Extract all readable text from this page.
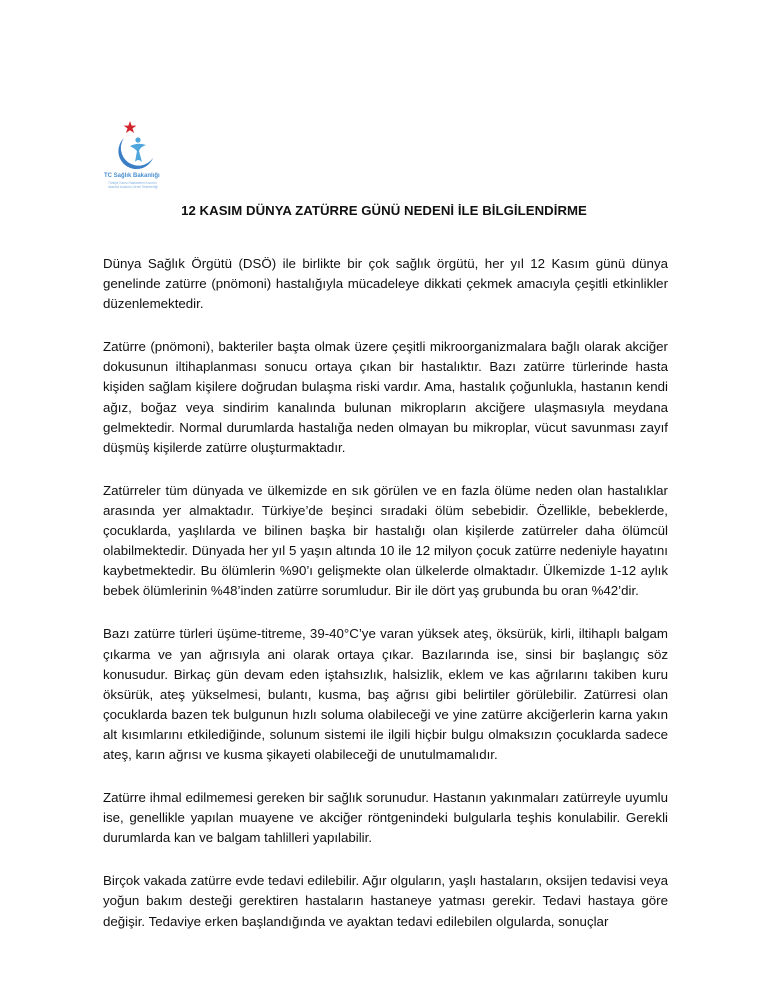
TC Sağlık Bakanlığı
Türkiye Kamu Hastaneleri Kurumu
Istanbul Anadolu Genel Sekreterliği
12 KASIM DÜNYA ZATÜRRE GÜNÜ NEDENİ İLE BİLGİLENDİRME

Dünya Sağlık Örgütü (DSÖ) ile birlikte bir çok sağlık örgütü, her yıl 12 Kasım günü dünya genelinde zatürre (pnömoni) hastalığıyla mücadeleye dikkati çekmek amacıyla çeşitli etkinlikler düzenlemektedir.

Zatürre (pnömoni), bakteriler başta olmak üzere çeşitli mikroorganizmalara bağlı olarak akciğer dokusunun iltihaplanması sonucu ortaya çıkan bir hastalıktır. Bazı zatürre türlerinde hasta kişiden sağlam kişilere doğrudan bulaşma riski vardır. Ama, hastalık çoğunlukla, hastanın kendi ağız, boğaz veya sindirim kanalında bulunan mikropların akciğere ulaşmasıyla meydana gelmektedir. Normal durumlarda hastalığa neden olmayan bu mikroplar, vücut savunması zayıf düşmüş kişilerde zatürre oluşturmaktadır.

Zatürreler tüm dünyada ve ülkemizde en sık görülen ve en fazla ölüme neden olan hastalıklar arasında yer almaktadır. Türkiye’de beşinci sıradaki ölüm sebebidir. Özellikle, bebeklerde, çocuklarda, yaşlılarda ve bilinen başka bir hastalığı olan kişilerde zatürreler daha ölümcül olabilmektedir. Dünyada her yıl 5 yaşın altında 10 ile 12 milyon çocuk zatürre nedeniyle hayatını kaybetmektedir. Bu ölümlerin %90’ı gelişmekte olan ülkelerde olmaktadır. Ülkemizde 1-12 aylık bebek ölümlerinin %48’inden zatürre sorumludur. Bir ile dört yaş grubunda bu oran %42’dir.

Bazı zatürre türleri üşüme-titreme, 39-40°C’ye varan yüksek ateş, öksürük, kirli, iltihaplı balgam çıkarma ve yan ağrısıyla ani olarak ortaya çıkar. Bazılarında ise, sinsi bir başlangıç söz konusudur. Birkaç gün devam eden iştahsızlık, halsizlik, eklem ve kas ağrılarını takiben kuru öksürük, ateş yükselmesi, bulantı, kusma, baş ağrısı gibi belirtiler görülebilir. Zatürresi olan çocuklarda bazen tek bulgunun hızlı soluma olabileceği ve yine zatürre akciğerlerin karna yakın alt kısımlarını etkilediğinde, solunum sistemi ile ilgili hiçbir bulgu olmaksızın çocuklarda sadece ateş, karın ağrısı ve kusma şikayeti olabileceği de unutulmamalıdır.

Zatürre ihmal edilmemesi gereken bir sağlık sorunudur. Hastanın yakınmaları zatürreyle uyumlu ise, genellikle yapılan muayene ve akciğer röntgenindeki bulgularla teşhis konulabilir. Gerekli durumlarda kan ve balgam tahlilleri yapılabilir.

Birçok vakada zatürre evde tedavi edilebilir. Ağır olguların, yaşlı hastaların, oksijen tedavisi veya yoğun bakım desteği gerektiren hastaların hastaneye yatması gerekir. Tedavi hastaya göre değişir. Tedaviye erken başlandığında ve ayaktan tedavi edilebilen olgularda, sonuçlar
